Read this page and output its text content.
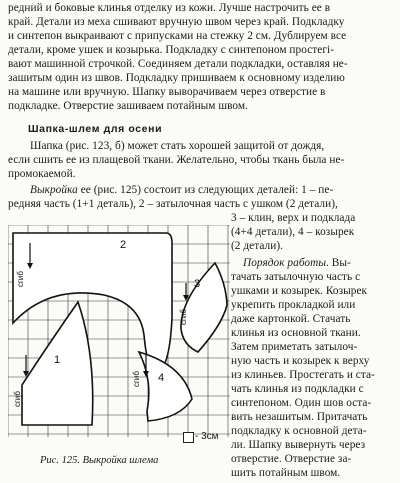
редний и боковые клинья отделку из кожи. Лучше настрочить ее в
край. Детали из меха сшивают вручную швом через край. Подкладку
и синтепон выкраивают с припусками на стежку 2 см. Дублируем все
детали, кроме ушек и козырька. Подкладку с синтепоном простегі-
вают машинной строчкой. Соединяем детали подкладки, оставляя не-
зашитым один из швов. Подкладку пришиваем к основному изделию
на машине или вручную. Шапку выворачиваем через отверстие в
подкладке. Отверстие зашиваем потайным швом.
Шапка-шлем для осени
Шапка (рис. 123, б) может стать хорошей защитой от дождя,
если сшить ее из плащевой ткани. Желательно, чтобы ткань была не-
промокаемой.
Выкройка ее (рис. 125) состоит из следующих деталей: 1 – пе-
редняя часть (1+1 деталь), 2 – затылочная часть с ушком (2 детали),
3 – клин, верх и подклада
(4+4 детали), 4 – козырек
(2 детали).
Порядок работы. Вы-
тачать затылочную часть с
ушками и козырек. Козырек
укрепить прокладкой или
даже картонкой. Стачать
клинья из основной ткани.
Затем приметать затылоч-
ную часть и козырек к верху
из клиньев. Простегать и ста-
чать клинья из подкладки с
синтепоном. Один шов оста-
вить незашитым. Притачать
подкладку к основной дета-
ли. Шапку вывернуть через
отверстие. Отверстие за-
шить потайным швом.
сгиб
сгиб
сгиб
сгиб
1
2
3
4
- 3см
Рис. 125. Выкройка шлема
